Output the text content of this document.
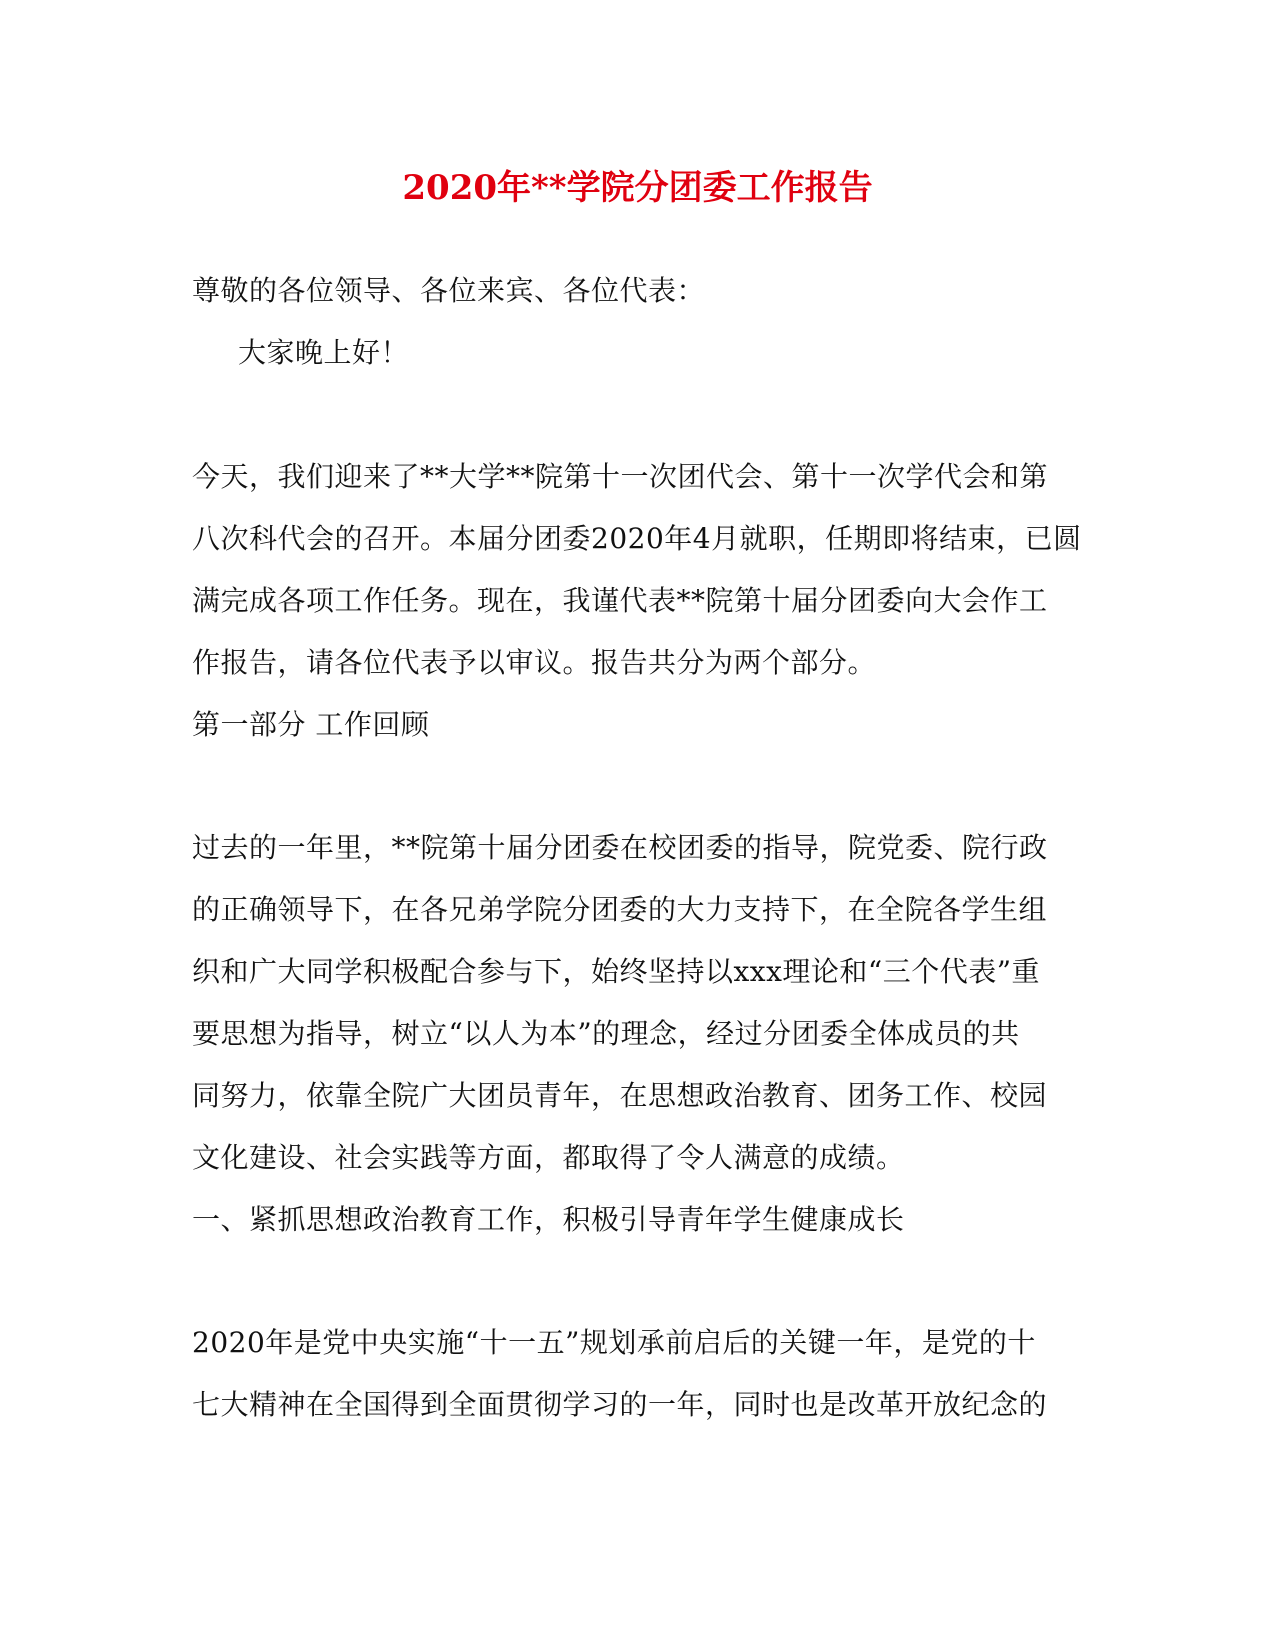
2020年**学院分团委工作报告
尊敬的各位领导、各位来宾、各位代表：
大家晚上好！
今天，我们迎来了**大学**院第十一次团代会、第十一次学代会和第
八次科代会的召开。本届分团委2020年4月就职，任期即将结束，已圆
满完成各项工作任务。现在，我谨代表**院第十届分团委向大会作工
作报告，请各位代表予以审议。报告共分为两个部分。
第一部分 工作回顾
过去的一年里，**院第十届分团委在校团委的指导，院党委、院行政
的正确领导下，在各兄弟学院分团委的大力支持下，在全院各学生组
织和广大同学积极配合参与下，始终坚持以xxx理论和“三个代表”重
要思想为指导，树立“以人为本”的理念，经过分团委全体成员的共
同努力，依靠全院广大团员青年，在思想政治教育、团务工作、校园
文化建设、社会实践等方面，都取得了令人满意的成绩。
一、紧抓思想政治教育工作，积极引导青年学生健康成长
2020年是党中央实施“十一五”规划承前启后的关键一年，是党的十
七大精神在全国得到全面贯彻学习的一年，同时也是改革开放纪念的
